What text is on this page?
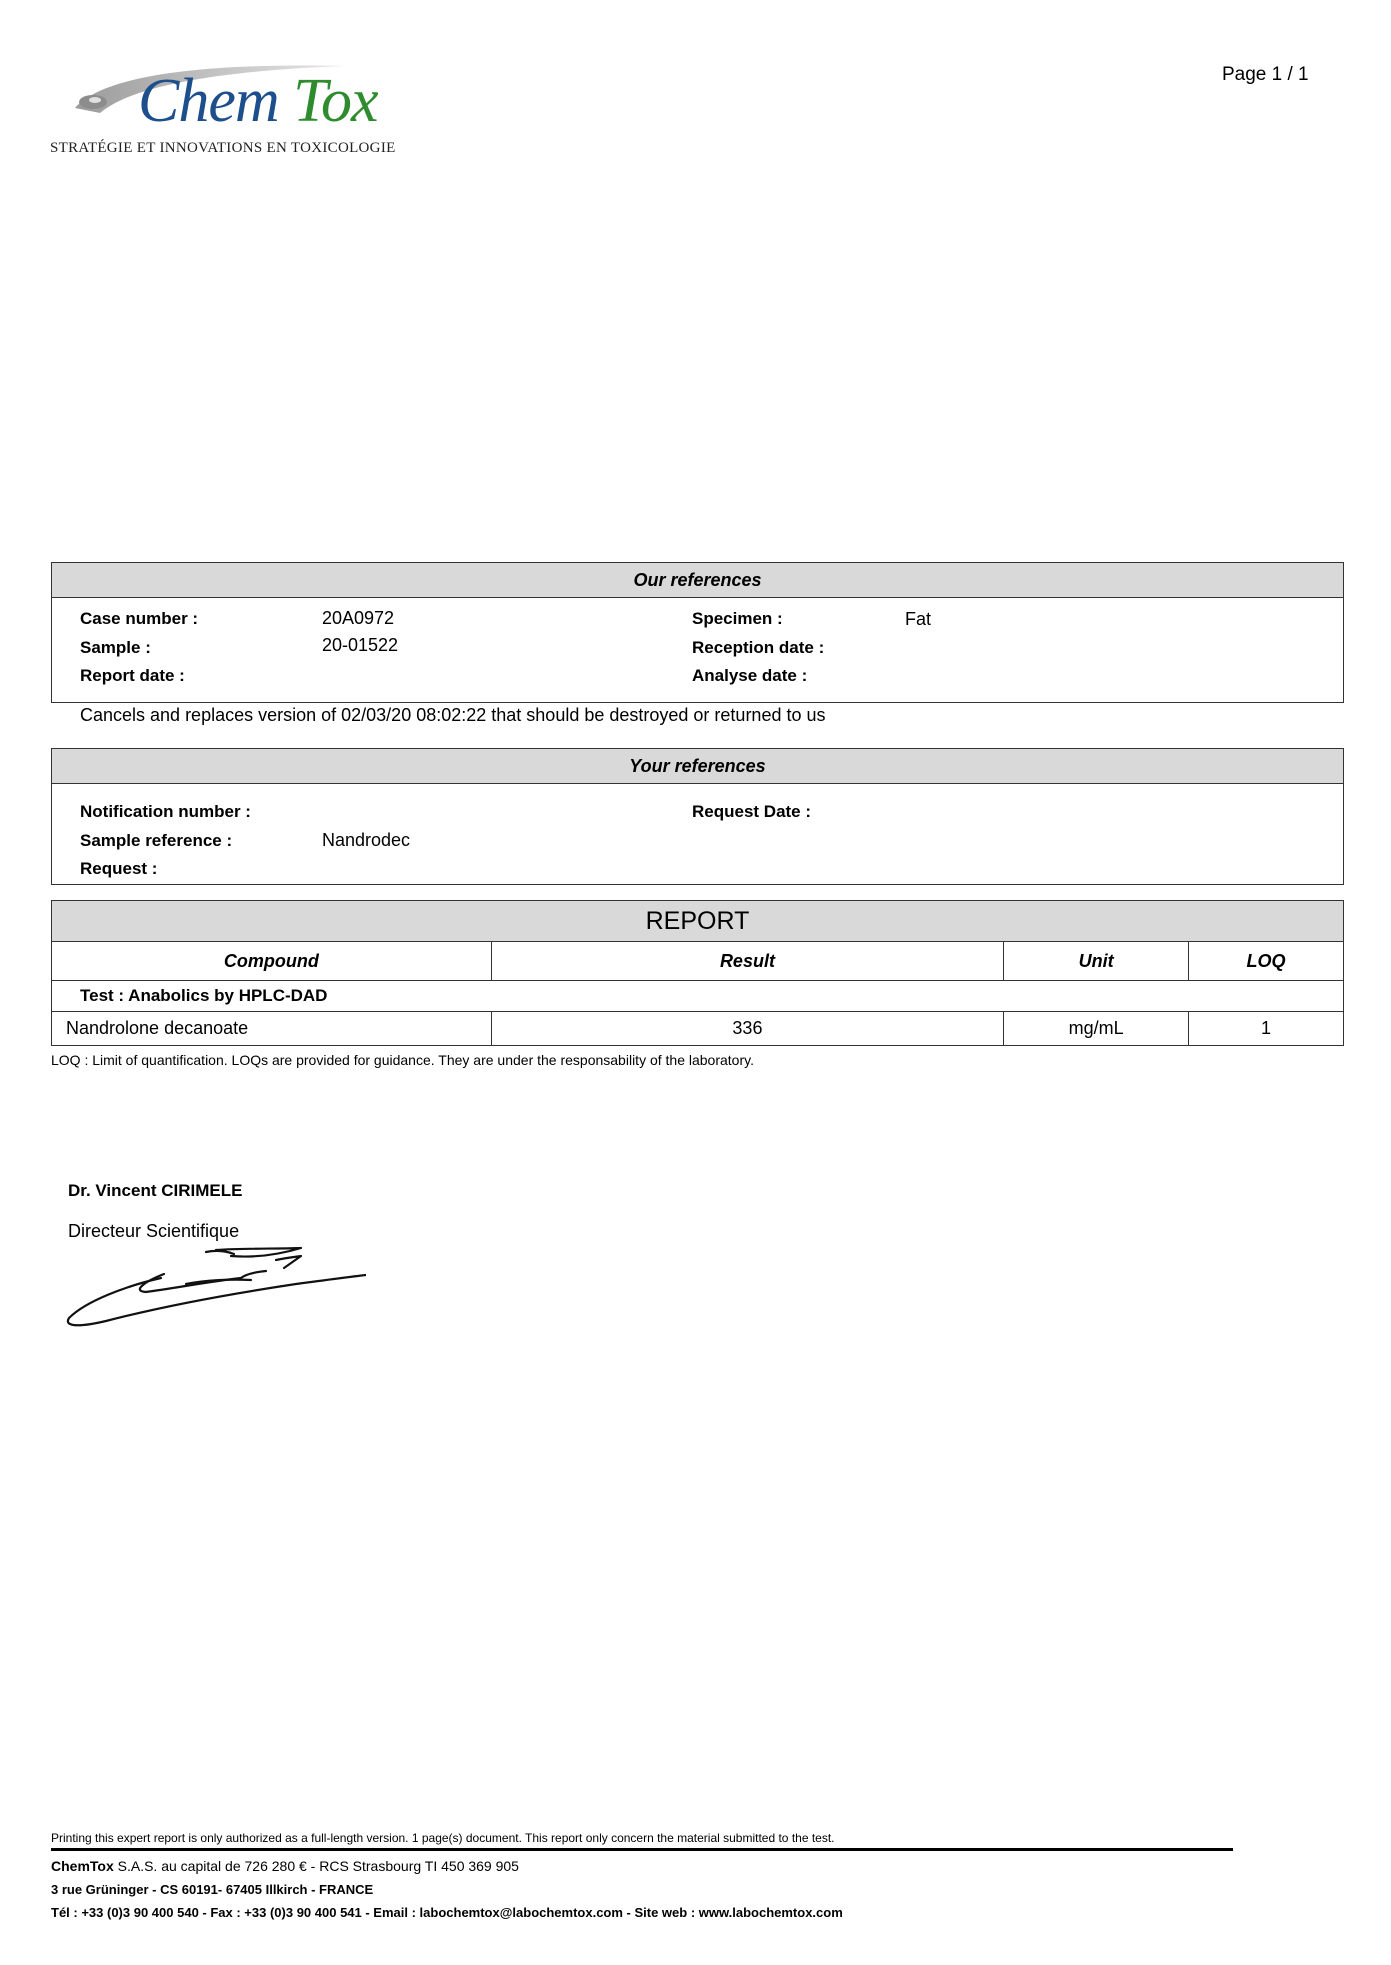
Chem Tox
STRATÉGIE ET INNOVATIONS EN TOXICOLOGIE
Page 1 / 1
Our references
Case number :	20A0972
Sample :	20-01522
Report date :
Specimen :	Fat
Reception date :
Analyse date :
Cancels and replaces version of 02/03/20 08:02:22 that should be destroyed or returned to us
Your references
Notification number :
Sample reference :	Nandrodec
Request :
Request Date :
REPORT			
Compound	Result	Unit	LOQ
Test : Anabolics by HPLC-DAD			
Nandrolone decanoate	336	mg/mL	1
LOQ : Limit of quantification. LOQs are provided for guidance. They are under the responsability of the laboratory.
Dr. Vincent CIRIMELE
Directeur Scientifique
Printing this expert report is only authorized as a full-length version. 1 page(s) document. This report only concern the material submitted to the test.
ChemTox S.A.S. au capital de 726 280 € - RCS Strasbourg TI 450 369 905
3 rue Grüninger - CS 60191- 67405 Illkirch - FRANCE
Tél : +33 (0)3 90 400 540 - Fax : +33 (0)3 90 400 541 - Email : labochemtox@labochemtox.com - Site web : www.labochemtox.com
